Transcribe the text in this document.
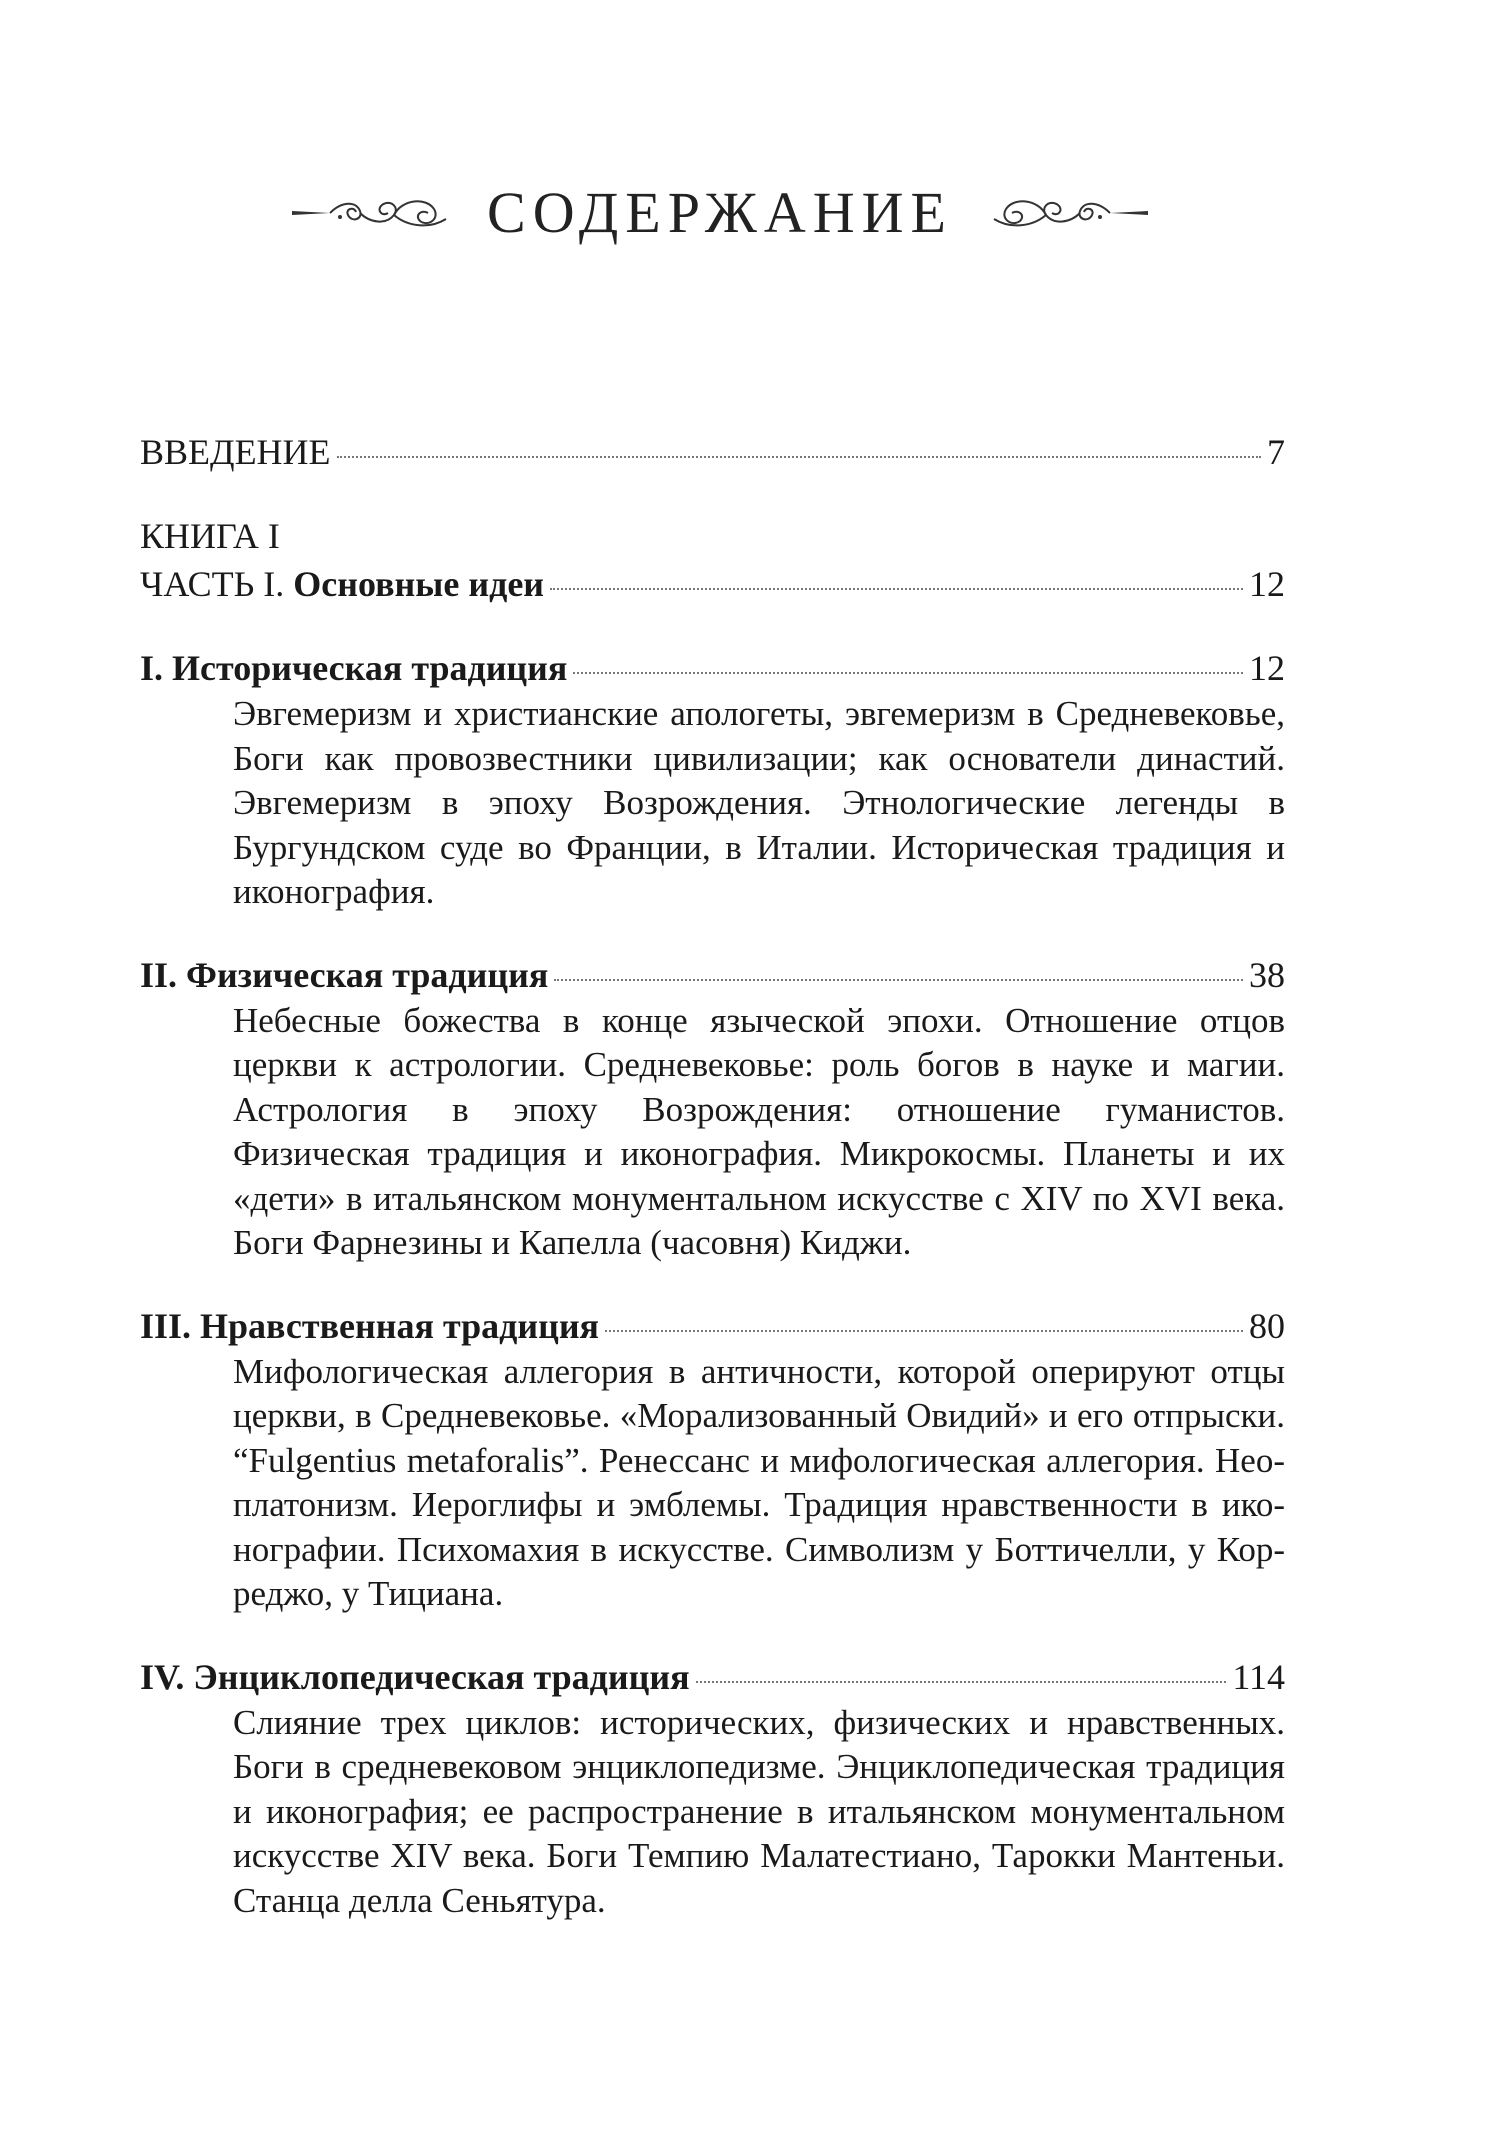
СОДЕРЖАНИЕ
ВВЕДЕНИЕ	7
КНИГА I
ЧАСТЬ I. Основные идеи	12
I. Историческая традиция	12
Эвгемеризм и христианские апологеты, эвгемеризм в Средневековье, Боги как провозвестники цивилизации; как основатели династий. Эвгемеризм в эпоху Возрождения. Этнологические легенды в Бургундском суде во Франции, в Италии. Историческая традиция и иконография.
II. Физическая традиция	38
Небесные божества в конце языческой эпохи. Отношение отцов церкви к астрологии. Средневековье: роль богов в науке и магии. Астрология в эпоху Возрождения: отношение гуманистов. Физическая традиция и иконография. Микрокосмы. Планеты и их «дети» в итальянском монументальном искусстве с XIV по XVI века. Боги Фарнезины и Капелла (часовня) Киджи.
III. Нравственная традиция	80
Мифологическая аллегория в античности, которой оперируют отцы церкви, в Средневековье. «Морализованный Овидий» и его отпрыски. “Fulgentius metaforalis”. Ренессанс и мифологическая аллегория. Неоплатонизм. Иероглифы и эмблемы. Традиция нравственности в иконографии. Психомахия в искусстве. Символизм у Боттичелли, у Корреджо, у Тициана.
IV. Энциклопедическая традиция	114
Слияние трех циклов: исторических, физических и нравственных. Боги в средневековом энциклопедизме. Энциклопедическая традиция и иконография; ее распространение в итальянском монументальном искусстве XIV века. Боги Темпию Малатестиано, Тарокки Мантеньи. Станца делла Сеньятура.
